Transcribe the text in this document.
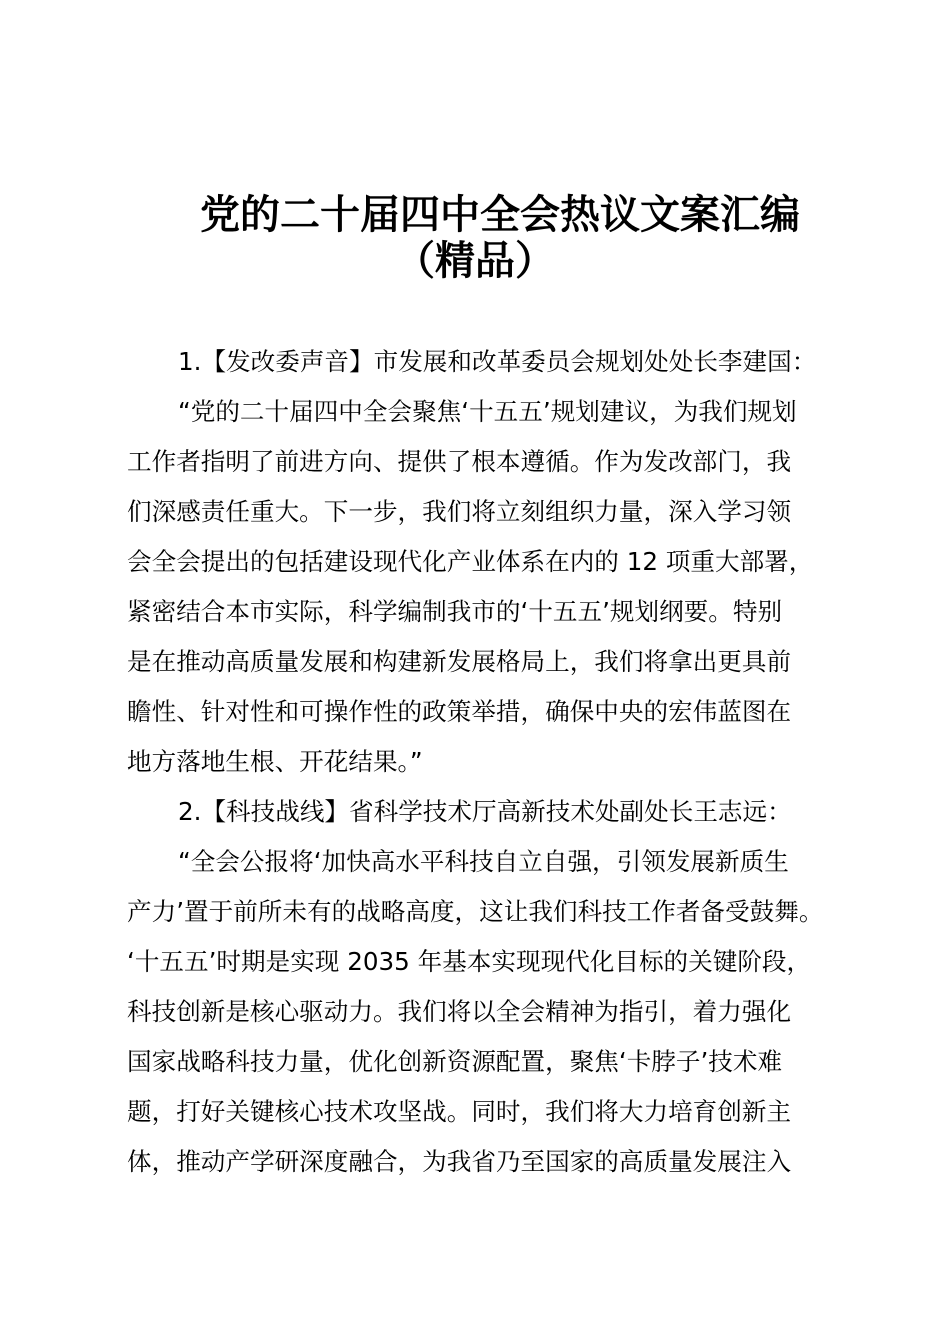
党的二十届四中全会热议文案汇编
（精品）
1.【发改委声音】市发展和改革委员会规划处处长李建国：
“党的二十届四中全会聚焦‘十五五’规划建议，为我们规划
工作者指明了前进方向、提供了根本遵循。作为发改部门，我
们深感责任重大。下一步，我们将立刻组织力量，深入学习领
会全会提出的包括建设现代化产业体系在内的 12 项重大部署，
紧密结合本市实际，科学编制我市的‘十五五’规划纲要。特别
是在推动高质量发展和构建新发展格局上，我们将拿出更具前
瞻性、针对性和可操作性的政策举措，确保中央的宏伟蓝图在
地方落地生根、开花结果。”
2.【科技战线】省科学技术厅高新技术处副处长王志远：
“全会公报将‘加快高水平科技自立自强，引领发展新质生
产力’置于前所未有的战略高度，这让我们科技工作者备受鼓舞。
‘十五五’时期是实现 2035 年基本实现现代化目标的关键阶段，
科技创新是核心驱动力。我们将以全会精神为指引，着力强化
国家战略科技力量，优化创新资源配置，聚焦‘卡脖子’技术难
题，打好关键核心技术攻坚战。同时，我们将大力培育创新主
体，推动产学研深度融合，为我省乃至国家的高质量发展注入
